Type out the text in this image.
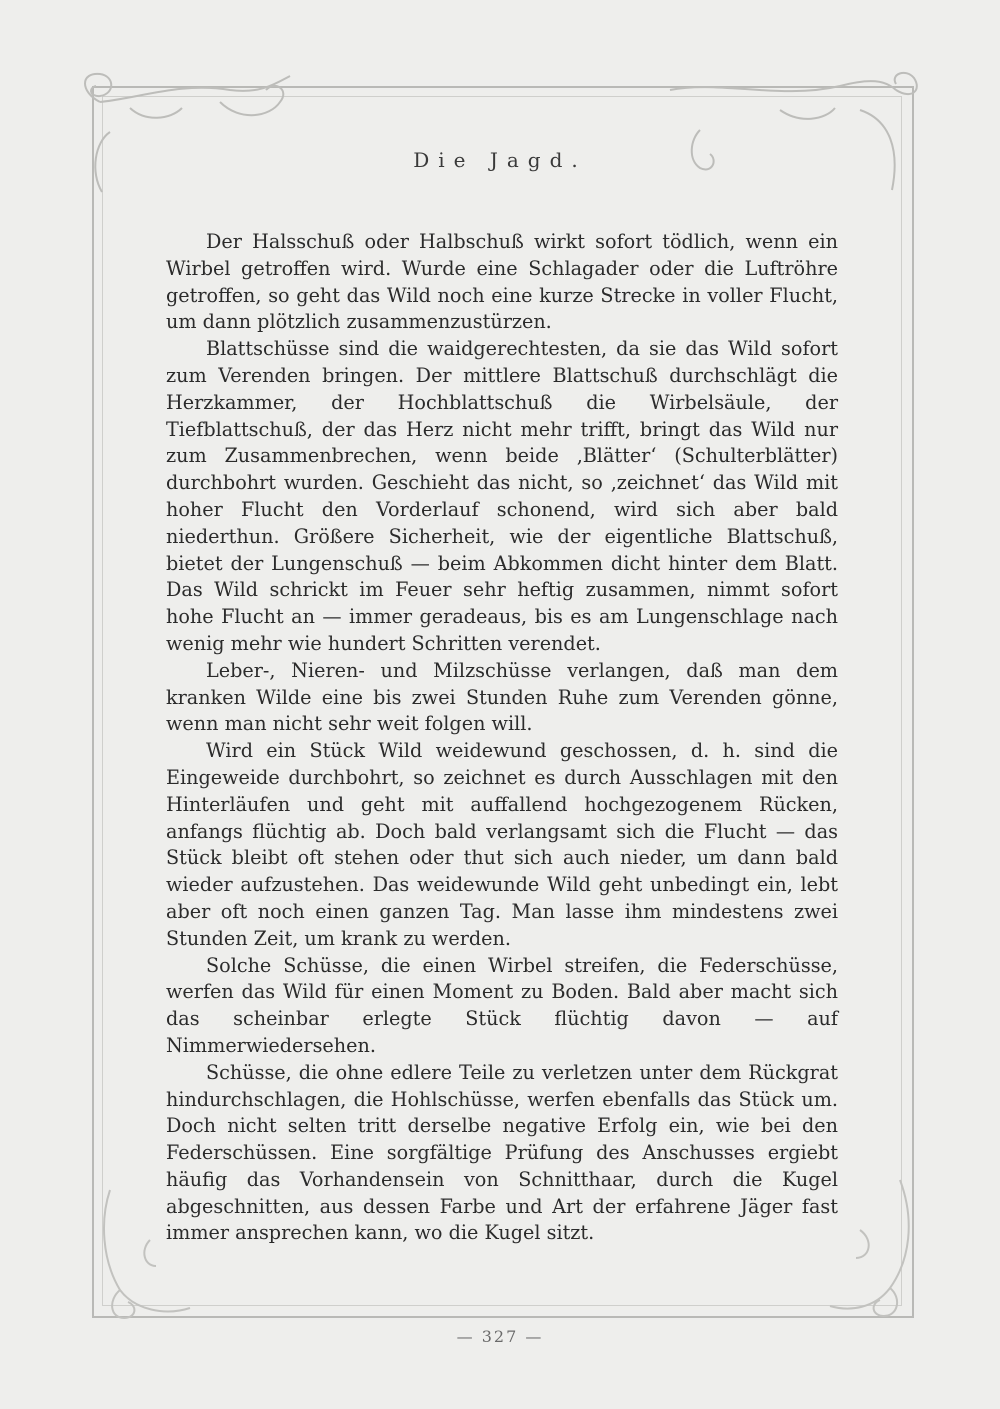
Die Jagd.

Der Halsschuß oder Halbschuß wirkt sofort tödlich, wenn ein Wirbel getroffen wird. Wurde eine Schlagader oder die Luftröhre getroffen, so geht das Wild noch eine kurze Strecke in voller Flucht, um dann plötzlich zusammenzustürzen.

Blattschüsse sind die waidgerechtesten, da sie das Wild sofort zum Verenden bringen. Der mittlere Blattschuß durchschlägt die Herzkammer, der Hochblattschuß die Wirbelsäule, der Tiefblattschuß, der das Herz nicht mehr trifft, bringt das Wild nur zum Zusammenbrechen, wenn beide ‚Blätter‘ (Schulterblätter) durchbohrt wurden. Geschieht das nicht, so ‚zeichnet‘ das Wild mit hoher Flucht den Vorderlauf schonend, wird sich aber bald niederthun. Größere Sicherheit, wie der eigentliche Blattschuß, bietet der Lungenschuß — beim Abkommen dicht hinter dem Blatt. Das Wild schrickt im Feuer sehr heftig zusammen, nimmt sofort hohe Flucht an — immer geradeaus, bis es am Lungenschlage nach wenig mehr wie hundert Schritten verendet.

Leber-, Nieren- und Milzschüsse verlangen, daß man dem kranken Wilde eine bis zwei Stunden Ruhe zum Verenden gönne, wenn man nicht sehr weit folgen will.

Wird ein Stück Wild weidewund geschossen, d. h. sind die Eingeweide durchbohrt, so zeichnet es durch Ausschlagen mit den Hinterläufen und geht mit auffallend hochgezogenem Rücken, anfangs flüchtig ab. Doch bald verlangsamt sich die Flucht — das Stück bleibt oft stehen oder thut sich auch nieder, um dann bald wieder aufzustehen. Das weidewunde Wild geht unbedingt ein, lebt aber oft noch einen ganzen Tag. Man lasse ihm mindestens zwei Stunden Zeit, um krank zu werden.

Solche Schüsse, die einen Wirbel streifen, die Federschüsse, werfen das Wild für einen Moment zu Boden. Bald aber macht sich das scheinbar erlegte Stück flüchtig davon — auf Nimmerwiedersehen.

Schüsse, die ohne edlere Teile zu verletzen unter dem Rückgrat hindurchschlagen, die Hohlschüsse, werfen ebenfalls das Stück um. Doch nicht selten tritt derselbe negative Erfolg ein, wie bei den Federschüssen. Eine sorgfältige Prüfung des Anschusses ergiebt häufig das Vorhandensein von Schnitthaar, durch die Kugel abgeschnitten, aus dessen Farbe und Art der erfahrene Jäger fast immer ansprechen kann, wo die Kugel sitzt.

— 327 —
